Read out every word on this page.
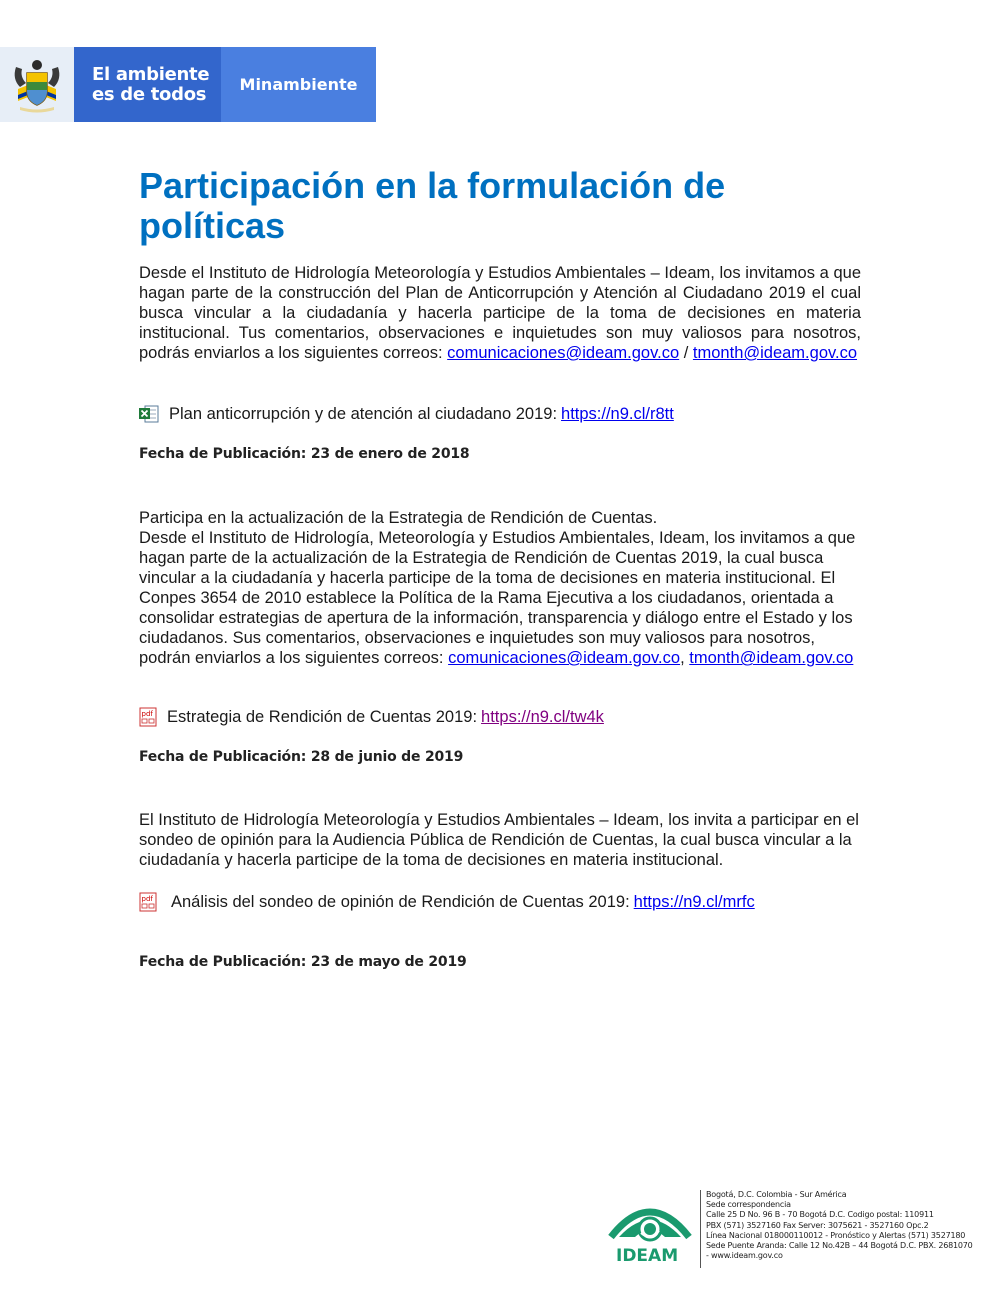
El ambiente
es de todos	Minambiente
Participación en la formulación de políticas

Desde el Instituto de Hidrología Meteorología y Estudios Ambientales – Ideam, los invitamos a que hagan parte de la construcción del Plan de Anticorrupción y Atención al Ciudadano 2019 el cual busca vincular a la ciudadanía y hacerla participe de la toma de decisiones en materia institucional. Tus comentarios, observaciones e inquietudes son muy valiosos para nosotros, podrás enviarlos a los siguientes correos: comunicaciones@ideam.gov.co / tmonth@ideam.gov.co

Plan anticorrupción y de atención al ciudadano 2019: https://n9.cl/r8tt
Fecha de Publicación: 23 de enero de 2018

Participa en la actualización de la Estrategia de Rendición de Cuentas.

Desde el Instituto de Hidrología, Meteorología y Estudios Ambientales, Ideam, los invitamos a que hagan parte de la actualización de la Estrategia de Rendición de Cuentas 2019, la cual busca vincular a la ciudadanía y hacerla participe de la toma de decisiones en materia institucional. El Conpes 3654 de 2010 establece la Política de la Rama Ejecutiva a los ciudadanos, orientada a consolidar estrategias de apertura de la información, transparencia y diálogo entre el Estado y los ciudadanos. Sus comentarios, observaciones e inquietudes son muy valiosos para nosotros, podrán enviarlos a los siguientes correos: comunicaciones@ideam.gov.co, tmonth@ideam.gov.co

pdf Estrategia de Rendición de Cuentas 2019: https://n9.cl/tw4k
Fecha de Publicación: 28 de junio de 2019

El Instituto de Hidrología Meteorología y Estudios Ambientales – Ideam, los invita a participar en el sondeo de opinión para la Audiencia Pública de Rendición de Cuentas, la cual busca vincular a la ciudadanía y hacerla participe de la toma de decisiones en materia institucional.

pdf Análisis del sondeo de opinión de Rendición de Cuentas 2019: https://n9.cl/mrfc
Fecha de Publicación: 23 de mayo de 2019
IDEAM
Bogotá, D.C. Colombia - Sur América
Sede correspondencia
Calle 25 D No. 96 B - 70 Bogotá D.C. Codigo postal: 110911
PBX (571) 3527160 Fax Server: 3075621 - 3527160 Opc.2
Línea Nacional 018000110012 - Pronóstico y Alertas (571) 3527180
Sede Puente Aranda: Calle 12 No.42B – 44 Bogotá D.C. PBX. 2681070
- www.ideam.gov.co
